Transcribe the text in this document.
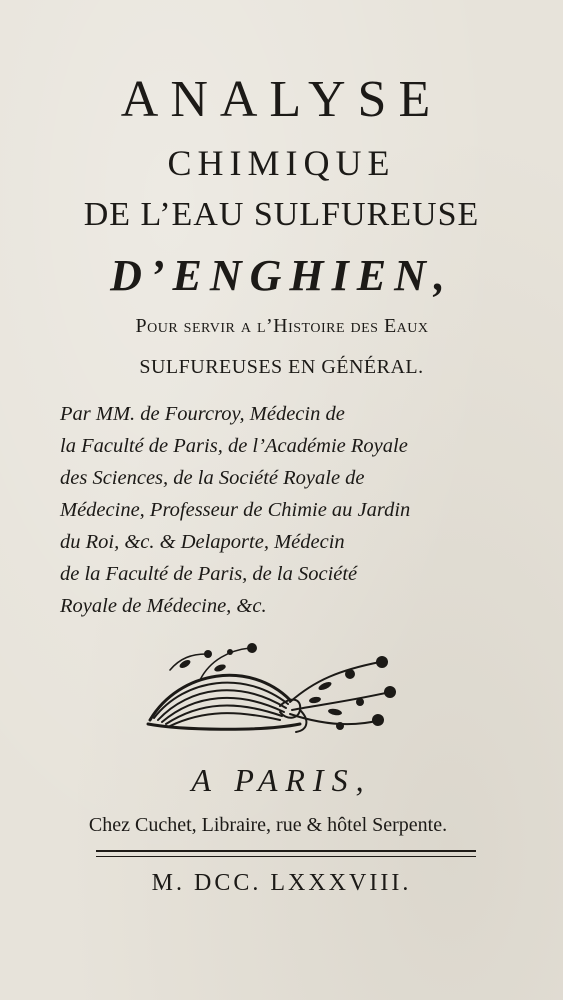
ANALYSE
CHIMIQUE
DE L’EAU SULFUREUSE
D’ENGHIEN,
Pour servir a l’Histoire des Eaux
SULFUREUSES EN GÉNÉRAL.
Par MM. de Fourcroy, Médecin de
la Faculté de Paris, de l’Académie Royale
des Sciences, de la Société Royale de
Médecine, Professeur de Chimie au Jardin
du Roi, &c. & Delaporte, Médecin
de la Faculté de Paris, de la Société
Royale de Médecine, &c.
A PARIS,
Chez Cuchet, Libraire, rue & hôtel Serpente.
M. DCC. LXXXVIII.
